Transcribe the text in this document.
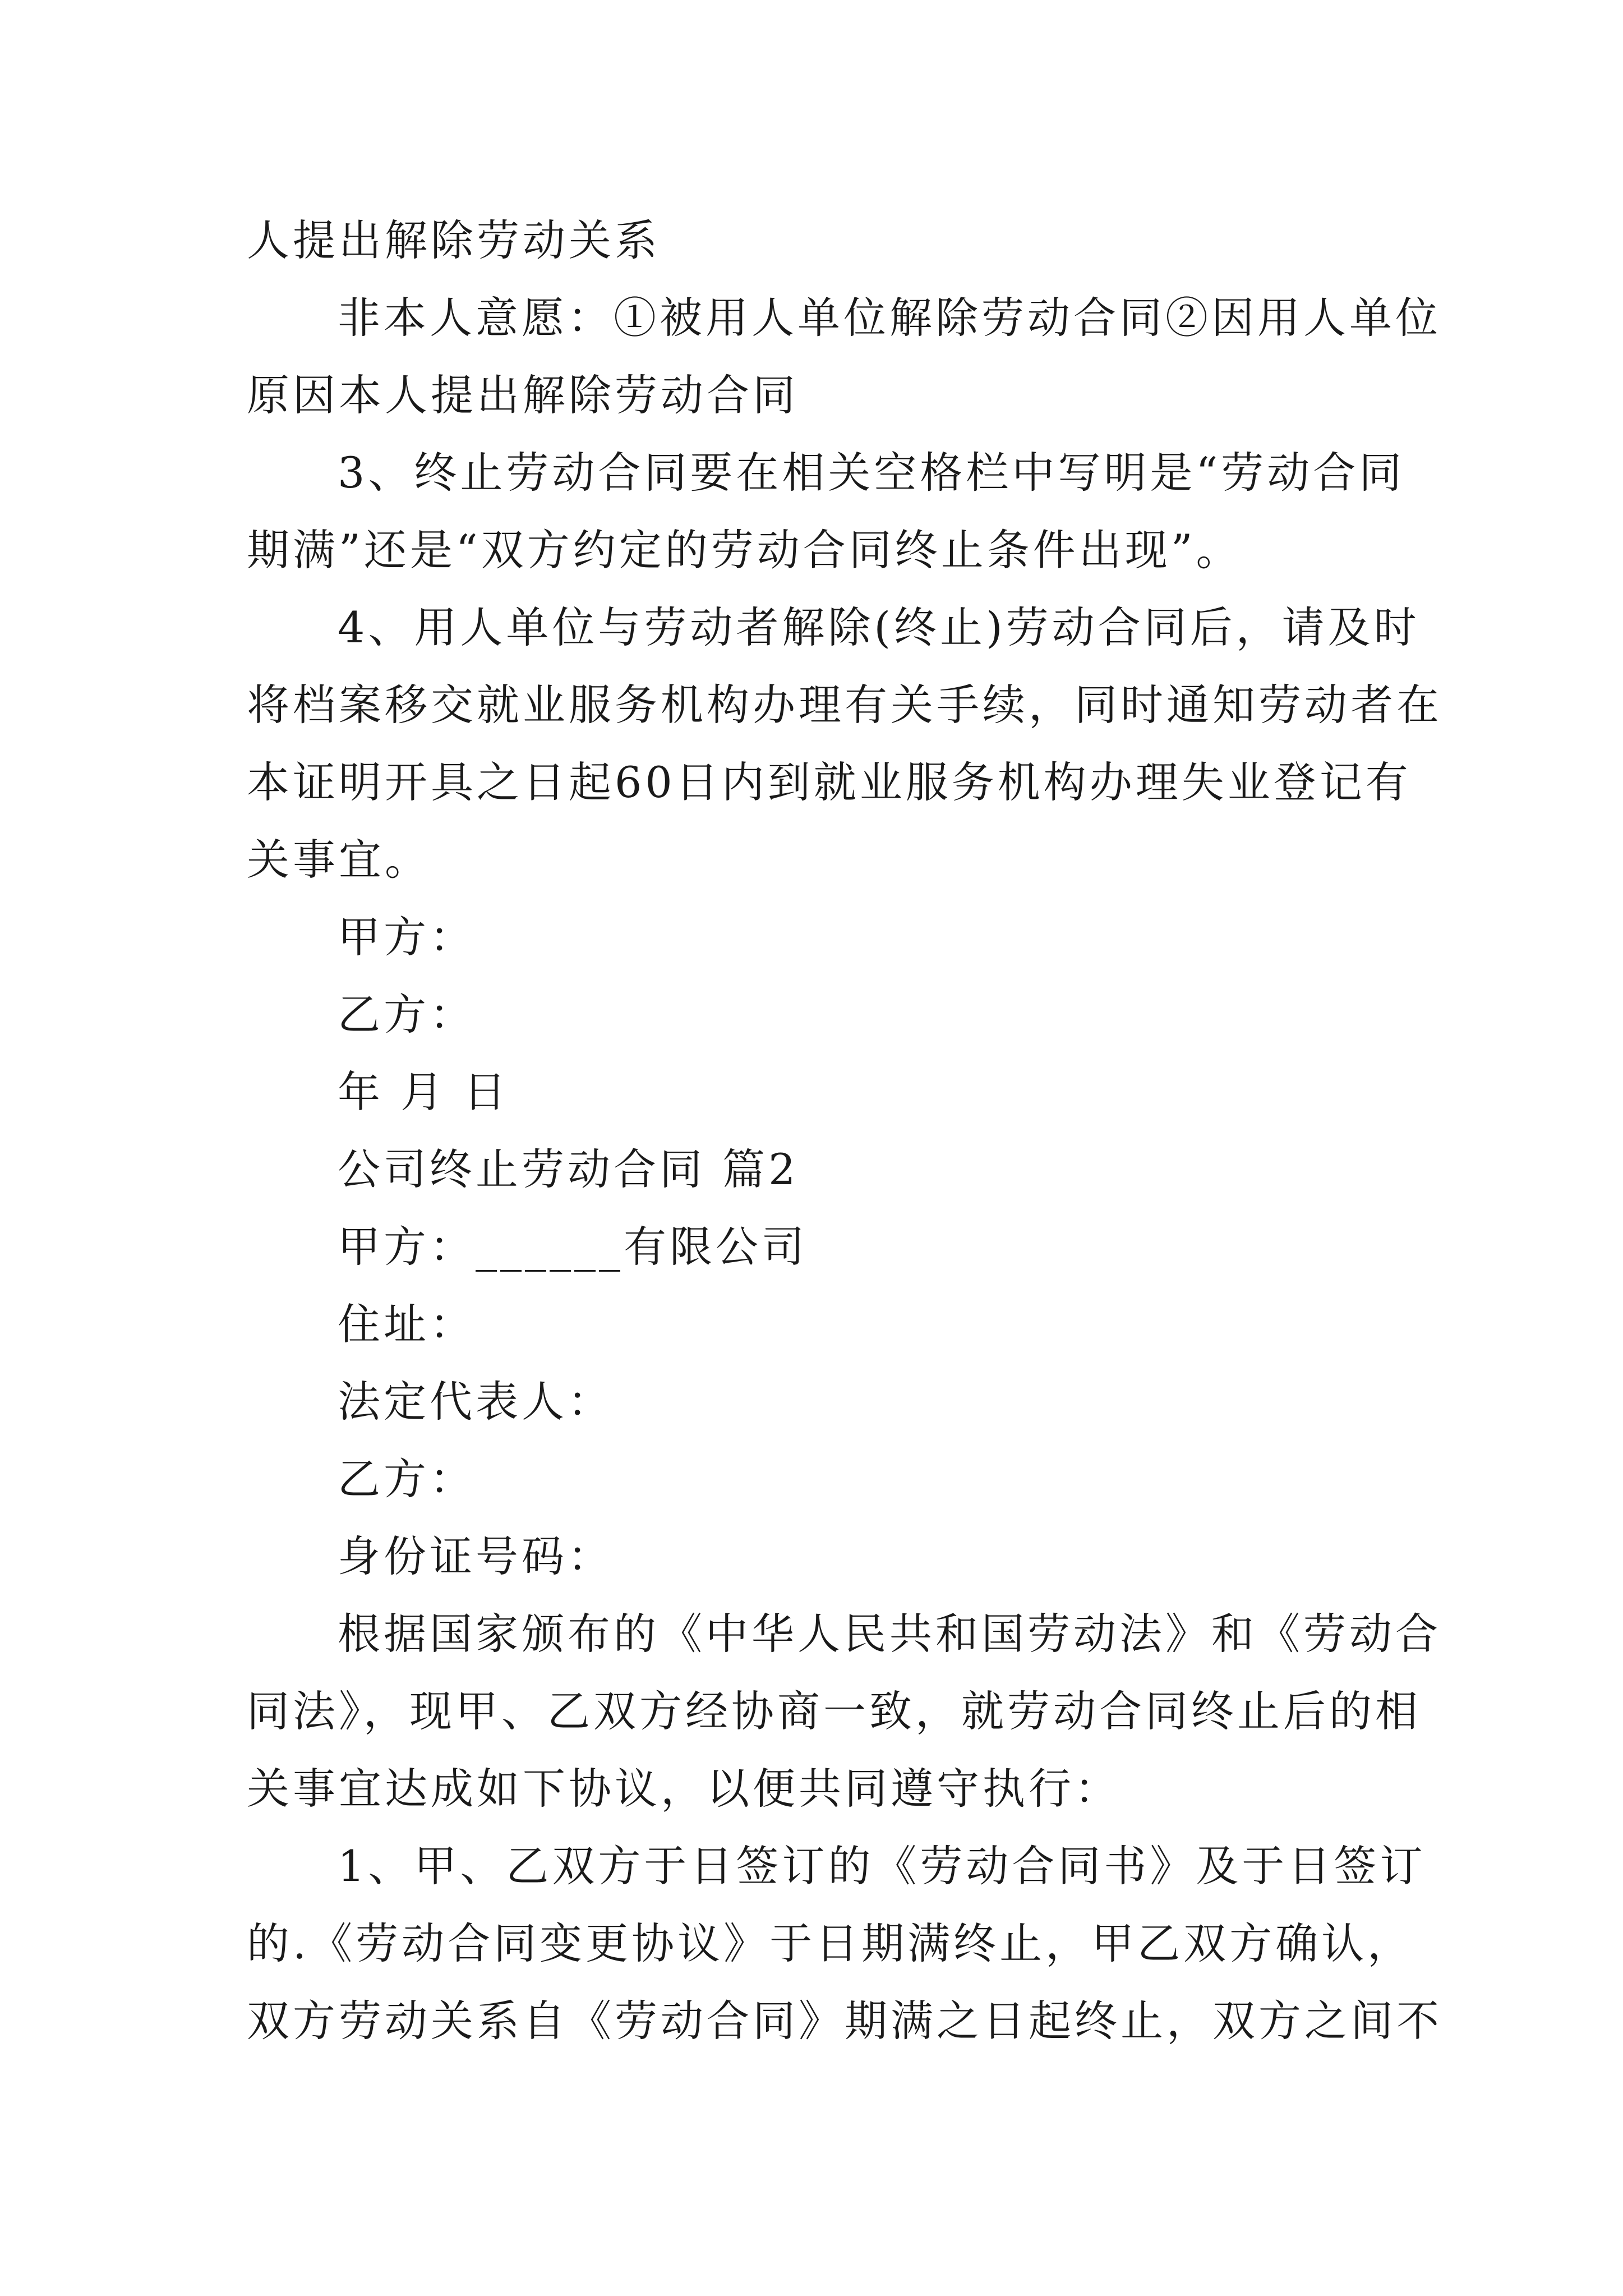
人提出解除劳动关系
非本人意愿：①被用人单位解除劳动合同②因用人单位
原因本人提出解除劳动合同
3、终止劳动合同要在相关空格栏中写明是“劳动合同
期满”还是“双方约定的劳动合同终止条件出现”。
4、用人单位与劳动者解除(终止)劳动合同后，请及时
将档案移交就业服务机构办理有关手续，同时通知劳动者在
本证明开具之日起60日内到就业服务机构办理失业登记有
关事宜。
甲方：
乙方：
年 月 日
公司终止劳动合同 篇2
甲方：______有限公司
住址：
法定代表人：
乙方：
身份证号码：
根据国家颁布的《中华人民共和国劳动法》和《劳动合
同法》，现甲、乙双方经协商一致，就劳动合同终止后的相
关事宜达成如下协议，以便共同遵守执行：
1、甲、乙双方于日签订的《劳动合同书》及于日签订
的.《劳动合同变更协议》于日期满终止，甲乙双方确认，
双方劳动关系自《劳动合同》期满之日起终止，双方之间不
